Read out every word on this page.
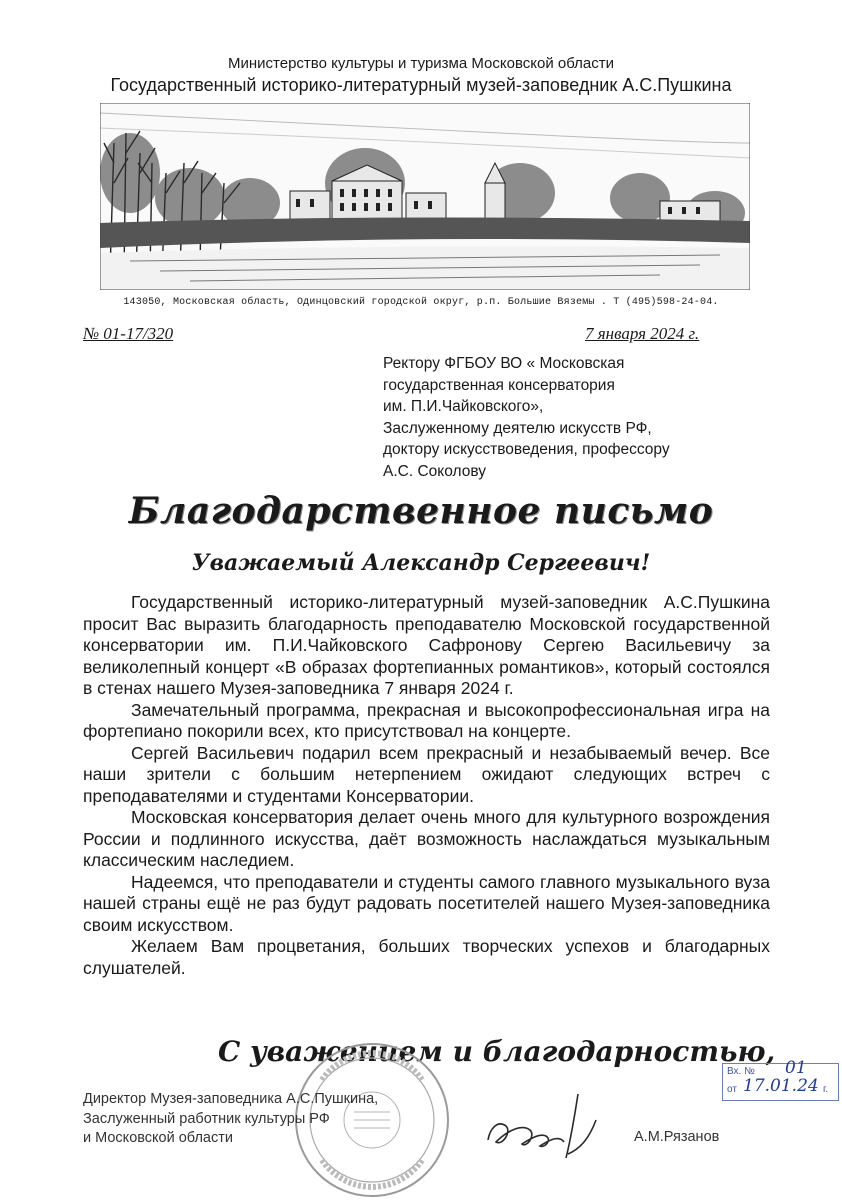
Министерство культуры и туризма Московской области
Государственный историко-литературный музей-заповедник А.С.Пушкина
143050, Московская область, Одинцовский городской округ, р.п. Большие Вяземы . Т (495)598-24-04.
№ 01-17/320	7 января 2024 г.
Ректору ФГБОУ ВО « Московская
государственная консерватория
им. П.И.Чайковского»,
Заслуженному деятелю искусств РФ,
доктору искусствоведения, профессору
А.С. Соколову
Благодарственное письмо
Уважаемый Александр Сергеевич!

Государственный историко-литературный музей-заповедник А.С.Пушкина просит Вас выразить благодарность преподавателю Московской государственной консерватории им. П.И.Чайковского Сафронову Сергею Васильевичу за великолепный концерт «В образах фортепианных романтиков», который состоялся в стенах нашего Музея-заповедника 7 января 2024 г.

Замечательный программа, прекрасная и высокопрофессиональная игра на фортепиано покорили всех, кто присутствовал на концерте.

Сергей Васильевич подарил всем прекрасный и незабываемый вечер. Все наши зрители с большим нетерпением ожидают следующих встреч с преподавателями и студентами Консерватории.

Московская консерватория делает очень много для культурного возрождения России и подлинного искусства, даёт возможность наслаждаться музыкальным классическим наследием.

Надеемся, что преподаватели и студенты самого главного музыкального вуза нашей страны ещё не раз будут радовать посетителей нашего Музея-заповедника своим искусством.

Желаем Вам процветания, больших творческих успехов и благодарных слушателей.

С уважением и благодарностью,
Вх. № 01
от 17.01.24 г.
Директор Музея-заповедника А.С.Пушкина,
Заслуженный работник культуры РФ
и Московской области	А.М.Рязанов
